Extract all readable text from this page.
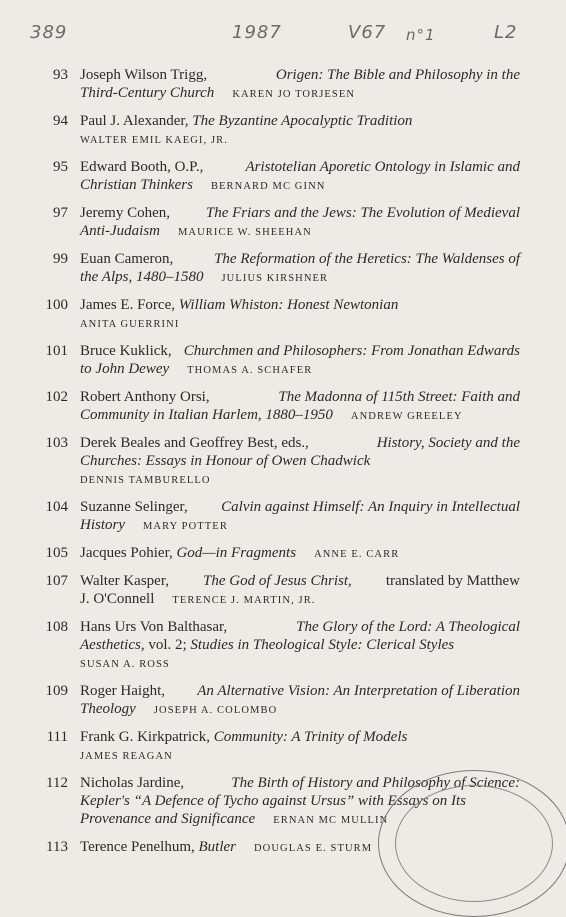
389	1987	V67 n°1	L2
93 Joseph Wilson Trigg,	Origen: The Bible and Philosophy in the
Third-Century Church KAREN JO TORJESEN
94 Paul J. Alexander, The Byzantine Apocalyptic Tradition
WALTER EMIL KAEGI, JR.
95 Edward Booth, O.P.,	Aristotelian Aporetic Ontology in Islamic and
Christian Thinkers BERNARD MC GINN
97 Jeremy Cohen, The Friars and the Jews: The Evolution of Medieval
Anti-Judaism MAURICE W. SHEEHAN
99 Euan Cameron,	The Reformation of the Heretics: The Waldenses of
the Alps, 1480–1580 JULIUS KIRSHNER
100 James E. Force, William Whiston: Honest Newtonian
ANITA GUERRINI
101 Bruce Kuklick, Churchmen and Philosophers: From Jonathan Edwards
to John Dewey THOMAS A. SCHAFER
102 Robert Anthony Orsi,	The Madonna of 115th Street: Faith and
Community in Italian Harlem, 1880–1950 ANDREW GREELEY
103 Derek Beales and Geoffrey Best, eds.,	History, Society and the
Churches: Essays in Honour of Owen Chadwick
DENNIS TAMBURELLO
104 Suzanne Selinger, Calvin against Himself: An Inquiry in Intellectual
History MARY POTTER
105 Jacques Pohier, God—in Fragments ANNE E. CARR
107 Walter Kasper, The God of Jesus Christ, translated by Matthew
J. O'Connell TERENCE J. MARTIN, JR.
108 Hans Urs Von Balthasar,	The Glory of the Lord: A Theological
Aesthetics, vol. 2; Studies in Theological Style: Clerical Styles
SUSAN A. ROSS
109 Roger Haight, An Alternative Vision: An Interpretation of Liberation
Theology JOSEPH A. COLOMBO
111 Frank G. Kirkpatrick, Community: A Trinity of Models
JAMES REAGAN
112 Nicholas Jardine,	The Birth of History and Philosophy of Science:
Kepler's “A Defence of Tycho against Ursus” with Essays on Its
Provenance and Significance ERNAN MC MULLIN
113 Terence Penelhum, Butler DOUGLAS E. STURM
